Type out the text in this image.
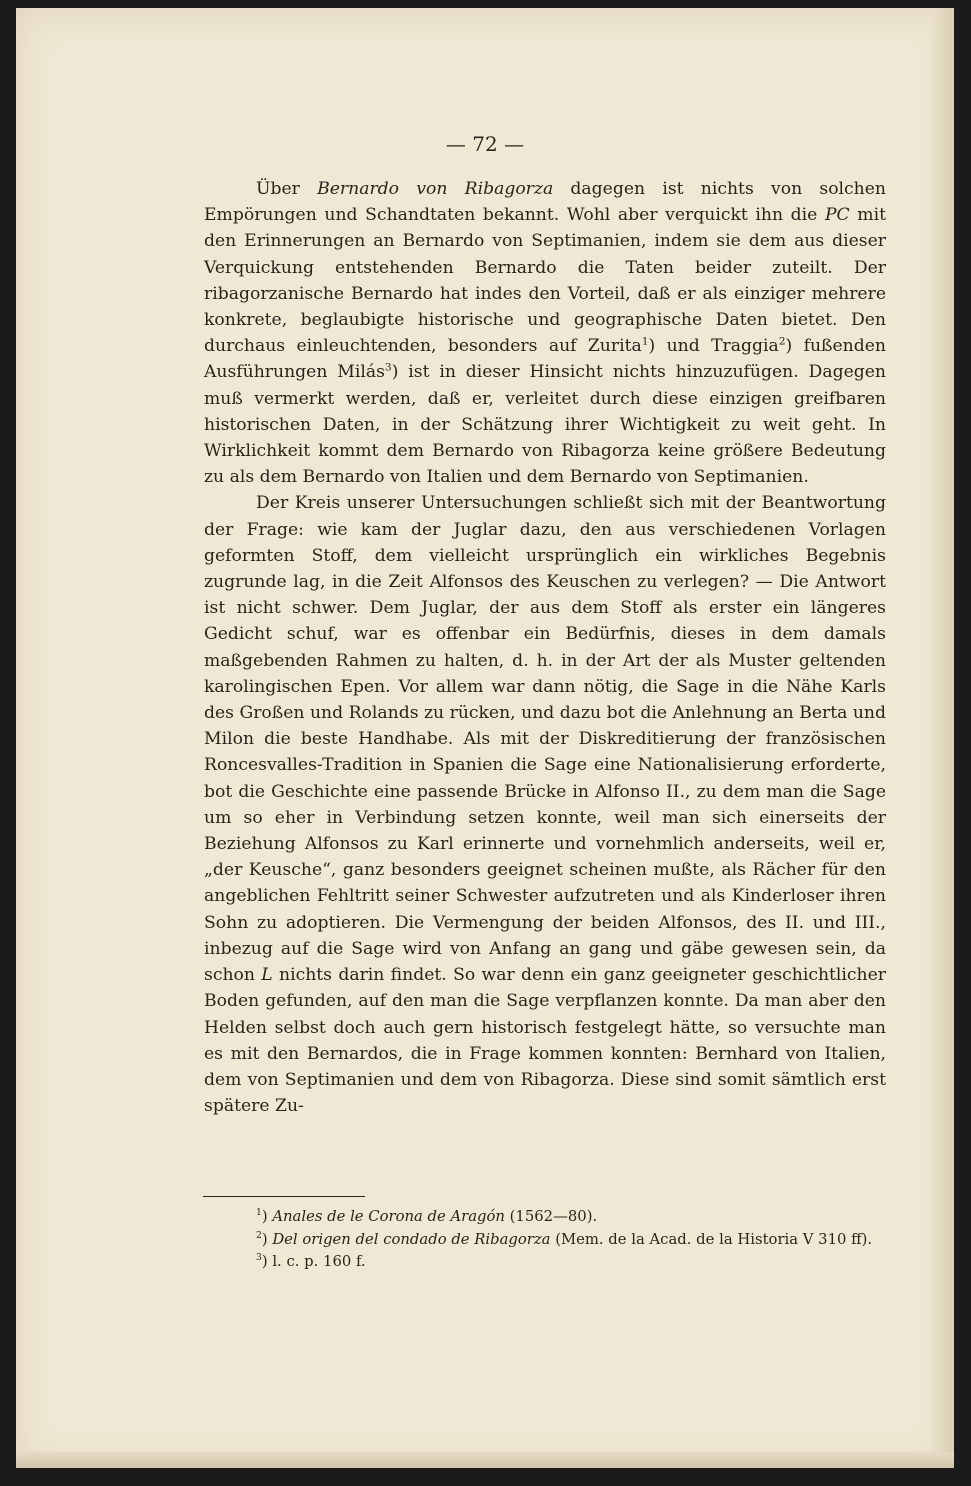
— 72 —

Über Bernardo von Ribagorza dagegen ist nichts von solchen Empörungen und Schandtaten bekannt. Wohl aber verquickt ihn die PC mit den Erinnerungen an Bernardo von Septimanien, indem sie dem aus dieser Verquickung entstehenden Bernardo die Taten beider zuteilt. Der ribagorzanische Bernardo hat indes den Vorteil, daß er als einziger mehrere konkrete, beglaubigte historische und geographische Daten bietet. Den durchaus einleuchtenden, besonders auf Zurita$^1$) und Traggia$^2$) fußenden Ausführungen Milás$^3$) ist in dieser Hinsicht nichts hinzuzufügen. Dagegen muß vermerkt werden, daß er, verleitet durch diese einzigen greifbaren historischen Daten, in der Schätzung ihrer Wichtigkeit zu weit geht. In Wirklichkeit kommt dem Bernardo von Ribagorza keine größere Bedeutung zu als dem Bernardo von Italien und dem Bernardo von Septimanien.

Der Kreis unserer Untersuchungen schließt sich mit der Beantwortung der Frage: wie kam der Juglar dazu, den aus verschiedenen Vorlagen geformten Stoff, dem vielleicht ursprünglich ein wirkliches Begebnis zugrunde lag, in die Zeit Alfonsos des Keuschen zu verlegen? — Die Antwort ist nicht schwer. Dem Juglar, der aus dem Stoff als erster ein längeres Gedicht schuf, war es offenbar ein Bedürfnis, dieses in dem damals maßgebenden Rahmen zu halten, d. h. in der Art der als Muster geltenden karolingischen Epen. Vor allem war dann nötig, die Sage in die Nähe Karls des Großen und Rolands zu rücken, und dazu bot die Anlehnung an Berta und Milon die beste Handhabe. Als mit der Diskreditierung der französischen Roncesvalles-Tradition in Spanien die Sage eine Nationalisierung erforderte, bot die Geschichte eine passende Brücke in Alfonso II., zu dem man die Sage um so eher in Verbindung setzen konnte, weil man sich einerseits der Beziehung Alfonsos zu Karl erinnerte und vornehmlich anderseits, weil er, „der Keusche“, ganz besonders geeignet scheinen mußte, als Rächer für den angeblichen Fehltritt seiner Schwester aufzutreten und als Kinderloser ihren Sohn zu adoptieren. Die Vermengung der beiden Alfonsos, des II. und III., inbezug auf die Sage wird von Anfang an gang und gäbe gewesen sein, da schon L nichts darin findet. So war denn ein ganz geeigneter geschichtlicher Boden gefunden, auf den man die Sage verpflanzen konnte. Da man aber den Helden selbst doch auch gern historisch festgelegt hätte, so versuchte man es mit den Bernardos, die in Frage kommen konnten: Bernhard von Italien, dem von Septimanien und dem von Ribagorza. Diese sind somit sämtlich erst spätere Zu-

$^1$) Anales de le Corona de Aragón (1562—80).

$^2$) Del origen del condado de Ribagorza (Mem. de la Acad. de la Historia V 310 ff).

$^3$) l. c. p. 160 f.
